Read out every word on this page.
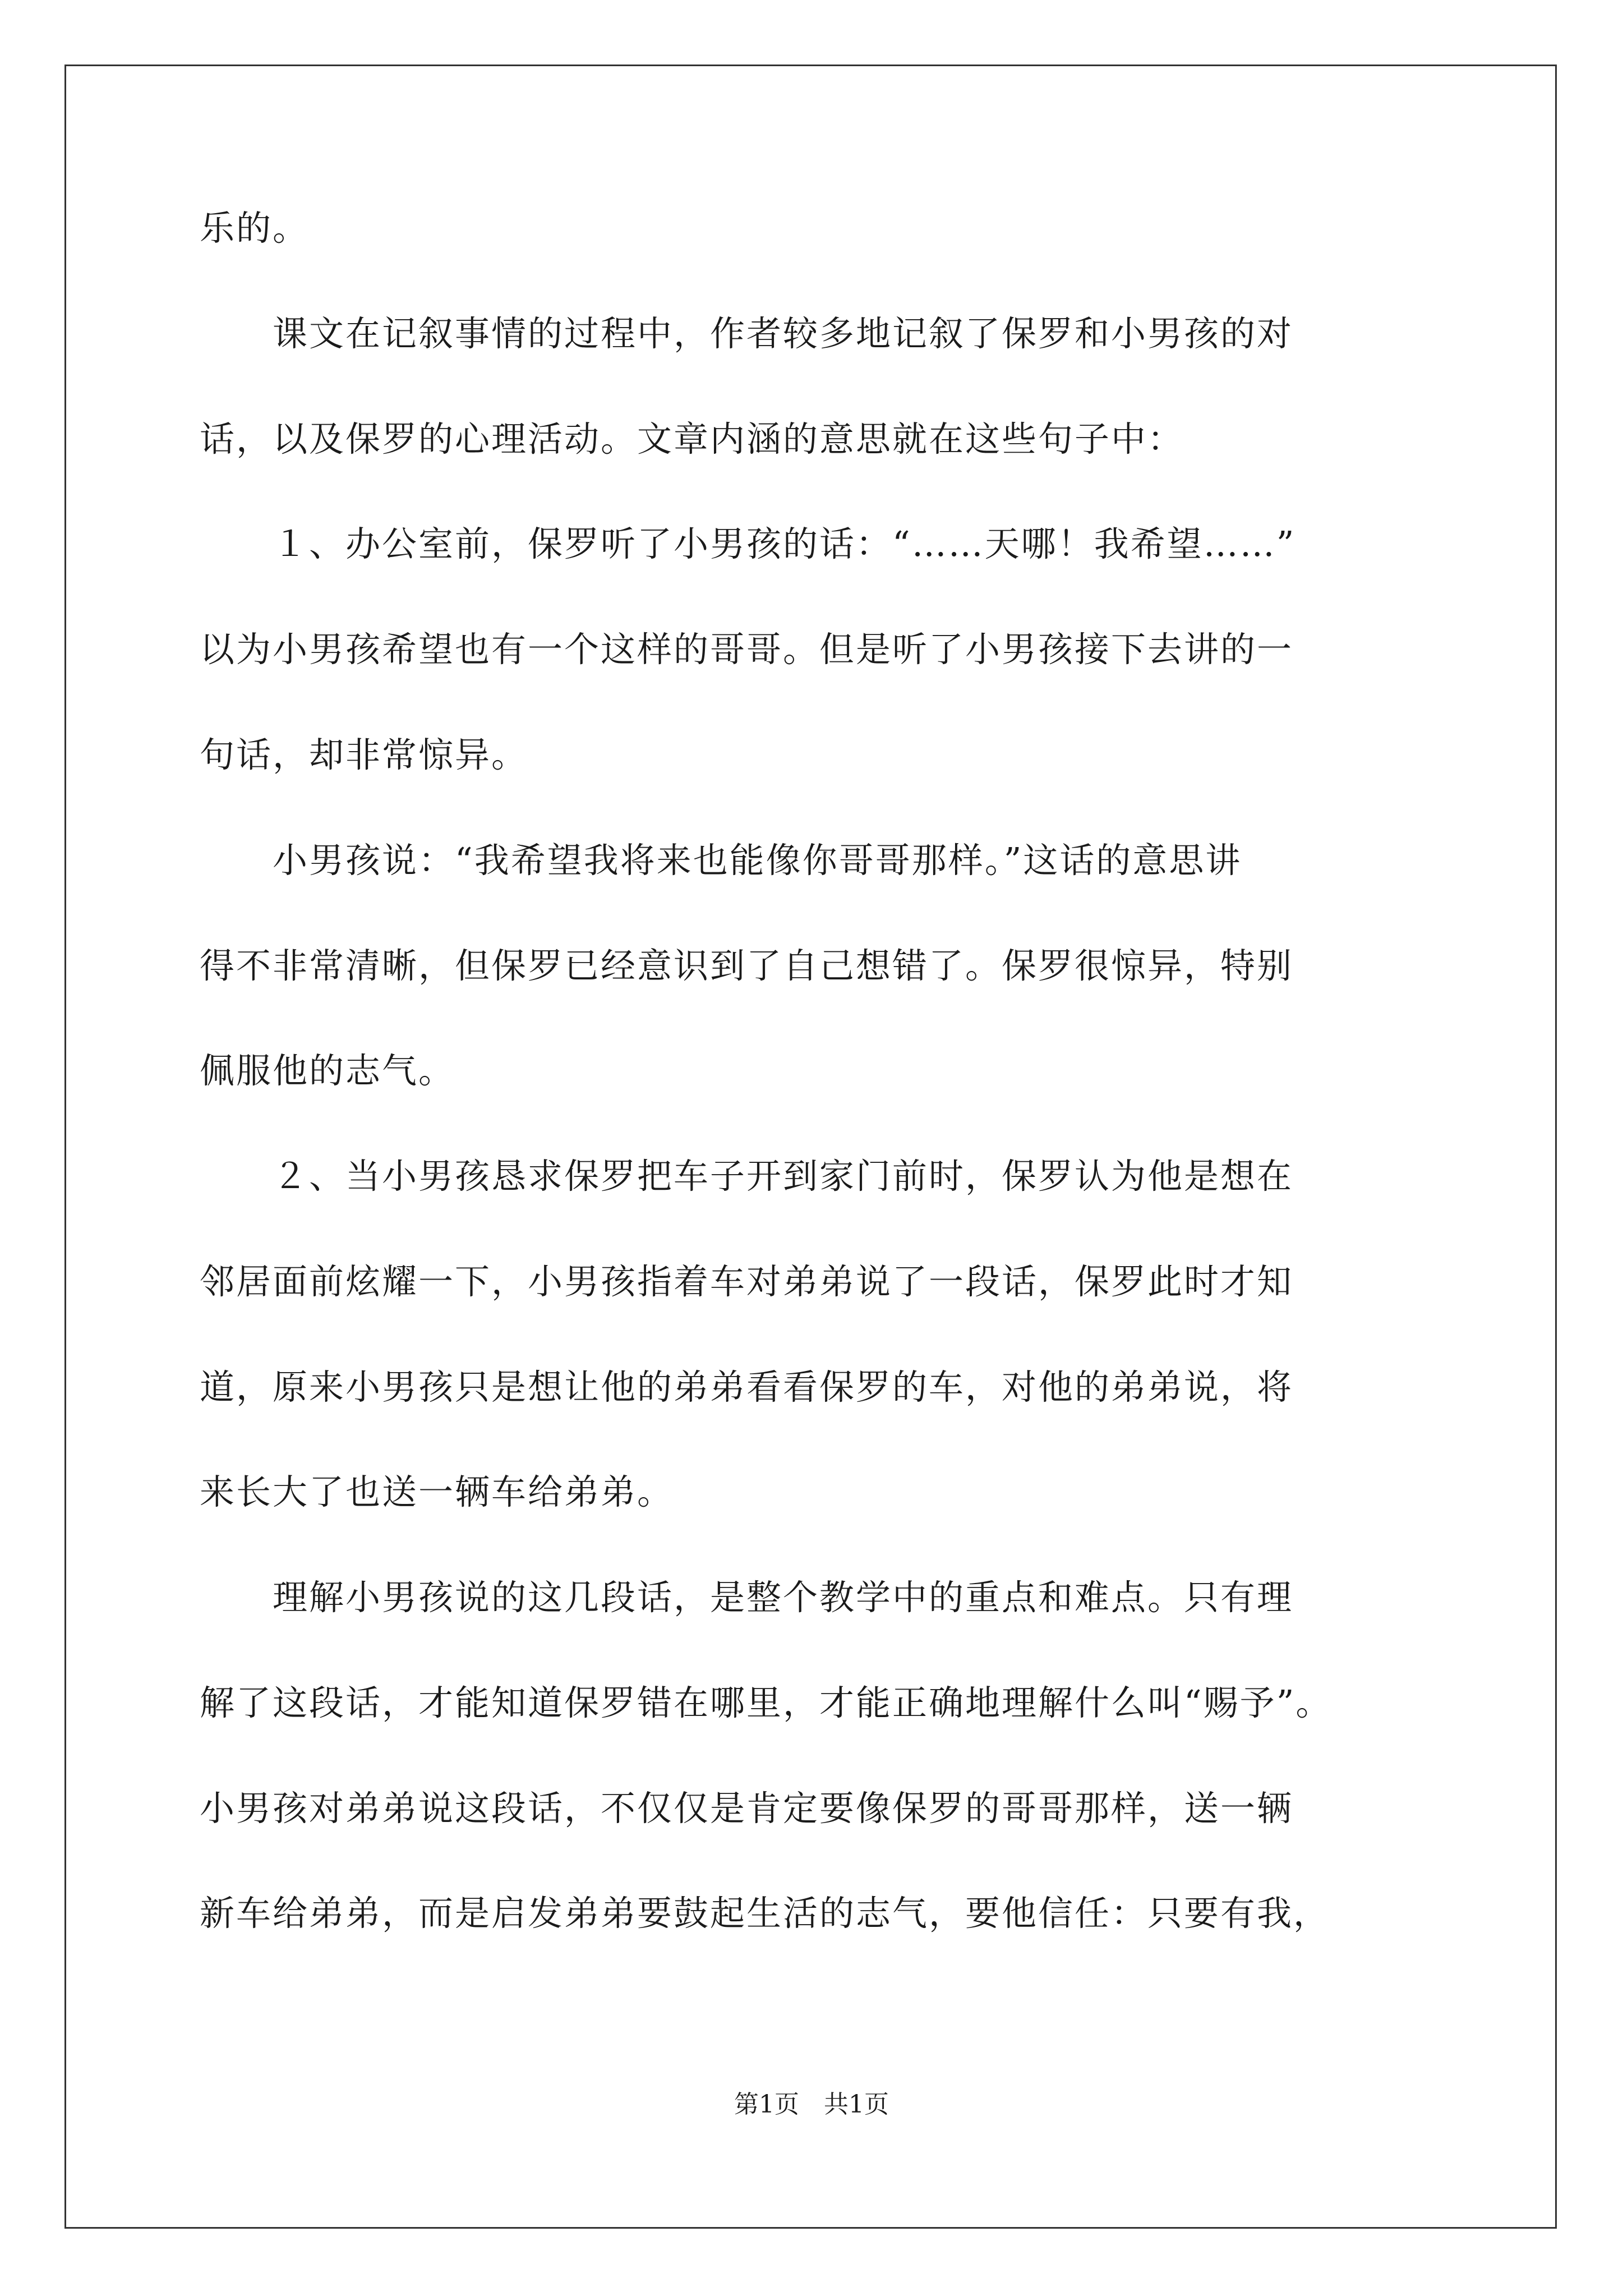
乐的。
　　课文在记叙事情的过程中，作者较多地记叙了保罗和小男孩的对
话，以及保罗的心理活动。文章内涵的意思就在这些句子中：
　　１、办公室前，保罗听了小男孩的话：“……天哪！我希望……”
以为小男孩希望也有一个这样的哥哥。但是听了小男孩接下去讲的一
句话，却非常惊异。
　　小男孩说：“我希望我将来也能像你哥哥那样。”这话的意思讲
得不非常清晰，但保罗已经意识到了自己想错了。保罗很惊异，特别
佩服他的志气。
　　２、当小男孩恳求保罗把车子开到家门前时，保罗认为他是想在
邻居面前炫耀一下，小男孩指着车对弟弟说了一段话，保罗此时才知
道，原来小男孩只是想让他的弟弟看看保罗的车，对他的弟弟说，将
来长大了也送一辆车给弟弟。
　　理解小男孩说的这几段话，是整个教学中的重点和难点。只有理
解了这段话，才能知道保罗错在哪里，才能正确地理解什么叫“赐予”。
小男孩对弟弟说这段话，不仅仅是肯定要像保罗的哥哥那样，送一辆
新车给弟弟，而是启发弟弟要鼓起生活的志气，要他信任：只要有我，
第1页　共1页
